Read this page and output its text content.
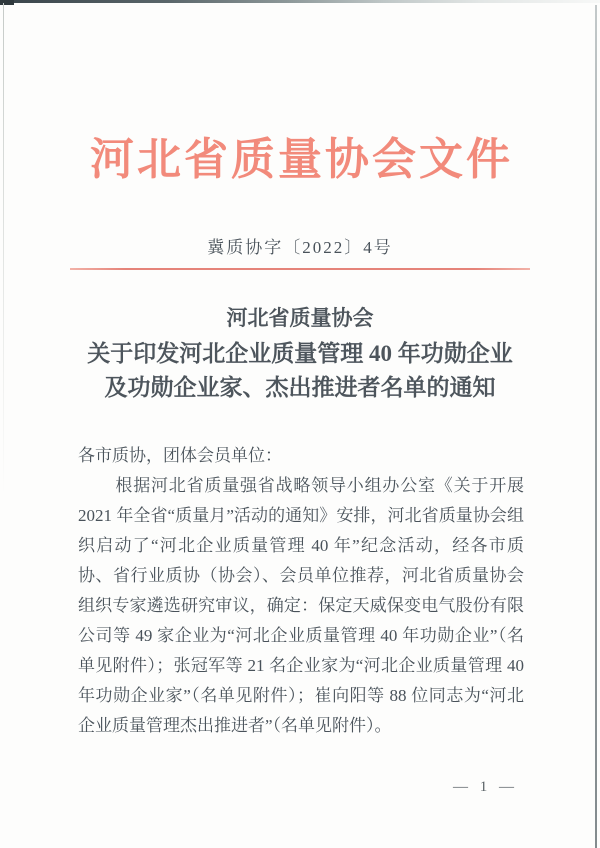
河北省质量协会文件
冀质协字〔2022〕4号
河北省质量协会
关于印发河北企业质量管理 40 年功勋企业
及功勋企业家、杰出推进者名单的通知
各市质协，团体会员单位：

根据河北省质量强省战略领导小组办公室《关于开展 2021 年全省“质量月”活动的通知》安排，河北省质量协会组织启动了“河北企业质量管理 40 年”纪念活动，经各市质协、省行业质协（协会）、会员单位推荐，河北省质量协会组织专家遴选研究审议，确定：保定天威保变电气股份有限公司等 49 家企业为“河北企业质量管理 40 年功勋企业”（名单见附件）；张冠军等 21 名企业家为“河北企业质量管理 40 年功勋企业家”（名单见附件）；崔向阳等 88 位同志为“河北企业质量管理杰出推进者”（名单见附件）。

— 1 —
